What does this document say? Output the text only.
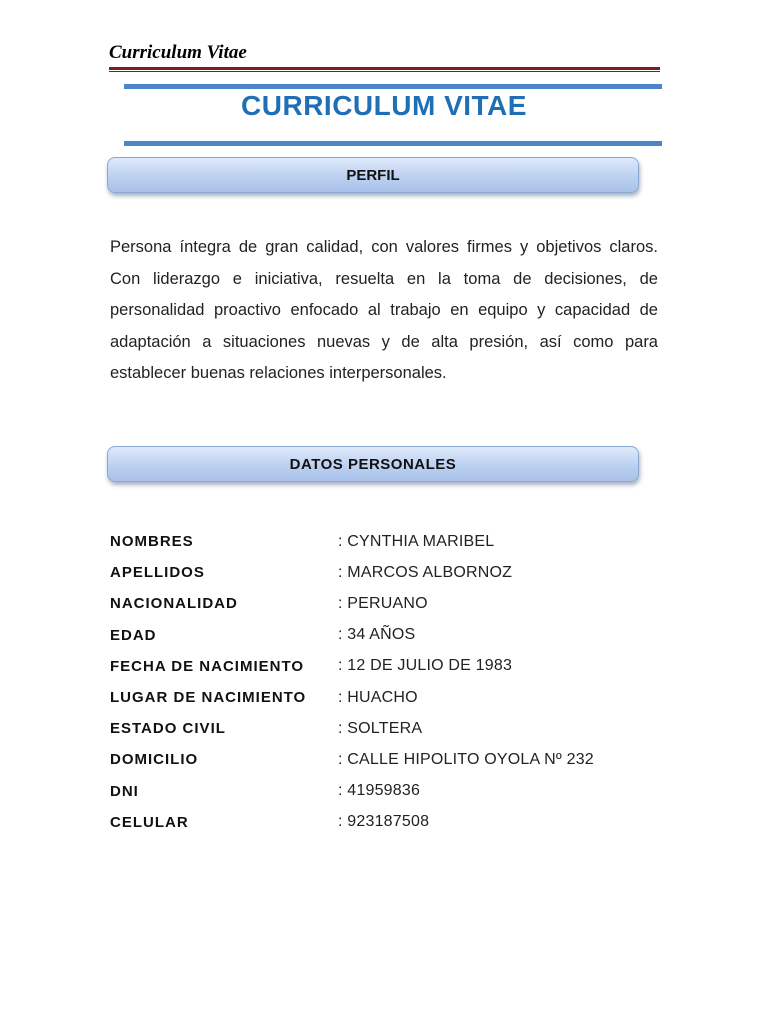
Curriculum Vitae
CURRICULUM VITAE
PERFIL
Persona íntegra de gran calidad, con valores firmes y objetivos claros. Con liderazgo e iniciativa, resuelta en la toma de decisiones, de personalidad proactivo enfocado al trabajo en equipo y capacidad de adaptación a situaciones nuevas y de alta presión, así como para establecer buenas relaciones interpersonales.
DATOS PERSONALES
NOMBRES	: CYNTHIA MARIBEL
APELLIDOS	: MARCOS ALBORNOZ
NACIONALIDAD	: PERUANO
EDAD	: 34 AÑOS
FECHA DE NACIMIENTO	: 12 DE JULIO DE 1983
LUGAR DE NACIMIENTO	: HUACHO
ESTADO CIVIL	: SOLTERA
DOMICILIO	: CALLE HIPOLITO OYOLA Nº 232
DNI	: 41959836
CELULAR	: 923187508
